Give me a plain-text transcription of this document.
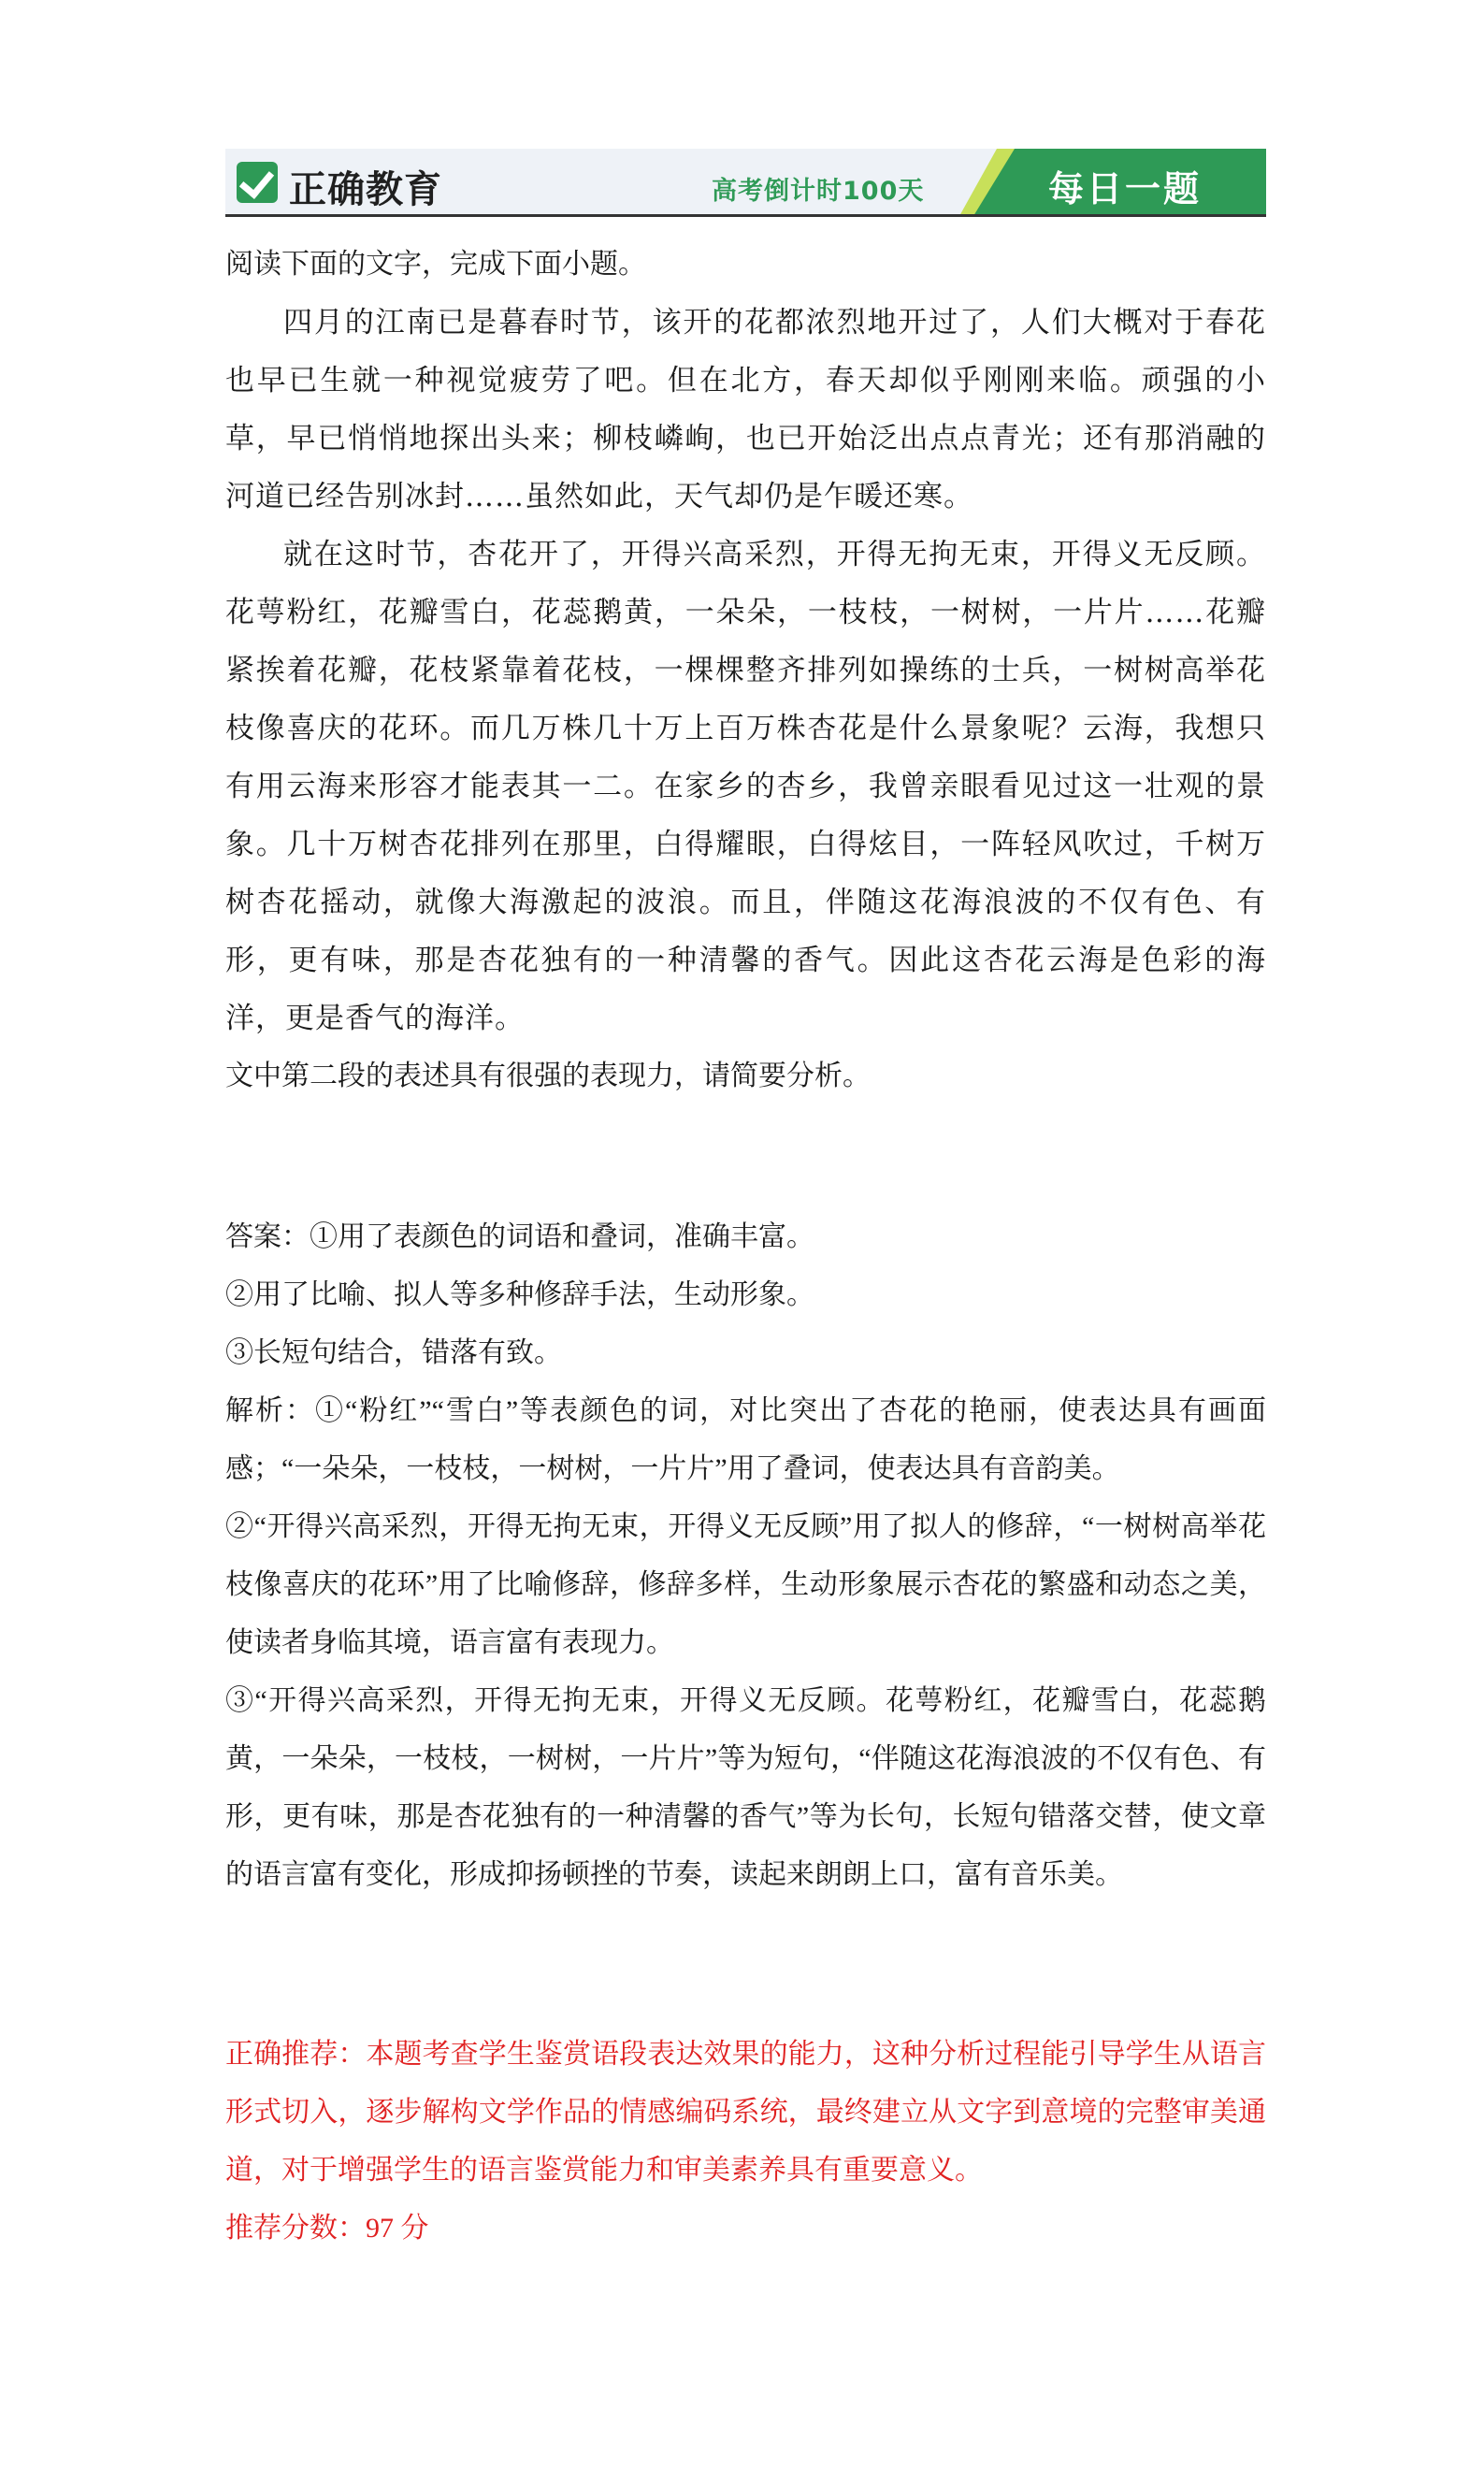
正确教育	高考倒计时100天	每日一题

阅读下面的文字，完成下面小题。

四月的江南已是暮春时节，该开的花都浓烈地开过了，人们大概对于春花也早已生就一种视觉疲劳了吧。但在北方，春天却似乎刚刚来临。顽强的小草，早已悄悄地探出头来；柳枝嶙峋，也已开始泛出点点青光；还有那消融的河道已经告别冰封……虽然如此，天气却仍是乍暖还寒。

就在这时节，杏花开了，开得兴高采烈，开得无拘无束，开得义无反顾。花萼粉红，花瓣雪白，花蕊鹅黄，一朵朵，一枝枝，一树树，一片片……花瓣紧挨着花瓣，花枝紧靠着花枝，一棵棵整齐排列如操练的士兵，一树树高举花枝像喜庆的花环。而几万株几十万上百万株杏花是什么景象呢？云海，我想只有用云海来形容才能表其一二。在家乡的杏乡，我曾亲眼看见过这一壮观的景象。几十万树杏花排列在那里，白得耀眼，白得炫目，一阵轻风吹过，千树万树杏花摇动，就像大海激起的波浪。而且，伴随这花海浪波的不仅有色、有形，更有味，那是杏花独有的一种清馨的香气。因此这杏花云海是色彩的海洋，更是香气的海洋。

文中第二段的表述具有很强的表现力，请简要分析。

答案：①用了表颜色的词语和叠词，准确丰富。

②用了比喻、拟人等多种修辞手法，生动形象。

③长短句结合，错落有致。

解析：①“粉红”“雪白”等表颜色的词，对比突出了杏花的艳丽，使表达具有画面感；“一朵朵，一枝枝，一树树，一片片”用了叠词，使表达具有音韵美。

②“开得兴高采烈，开得无拘无束，开得义无反顾”用了拟人的修辞，“一树树高举花枝像喜庆的花环”用了比喻修辞，修辞多样，生动形象展示杏花的繁盛和动态之美，使读者身临其境，语言富有表现力。

③“开得兴高采烈，开得无拘无束，开得义无反顾。花萼粉红，花瓣雪白，花蕊鹅黄，一朵朵，一枝枝，一树树，一片片”等为短句，“伴随这花海浪波的不仅有色、有形，更有味，那是杏花独有的一种清馨的香气”等为长句，长短句错落交替，使文章的语言富有变化，形成抑扬顿挫的节奏，读起来朗朗上口，富有音乐美。

正确推荐：本题考查学生鉴赏语段表达效果的能力，这种分析过程能引导学生从语言形式切入，逐步解构文学作品的情感编码系统，最终建立从文字到意境的完整审美通道，对于增强学生的语言鉴赏能力和审美素养具有重要意义。

推荐分数：97 分
